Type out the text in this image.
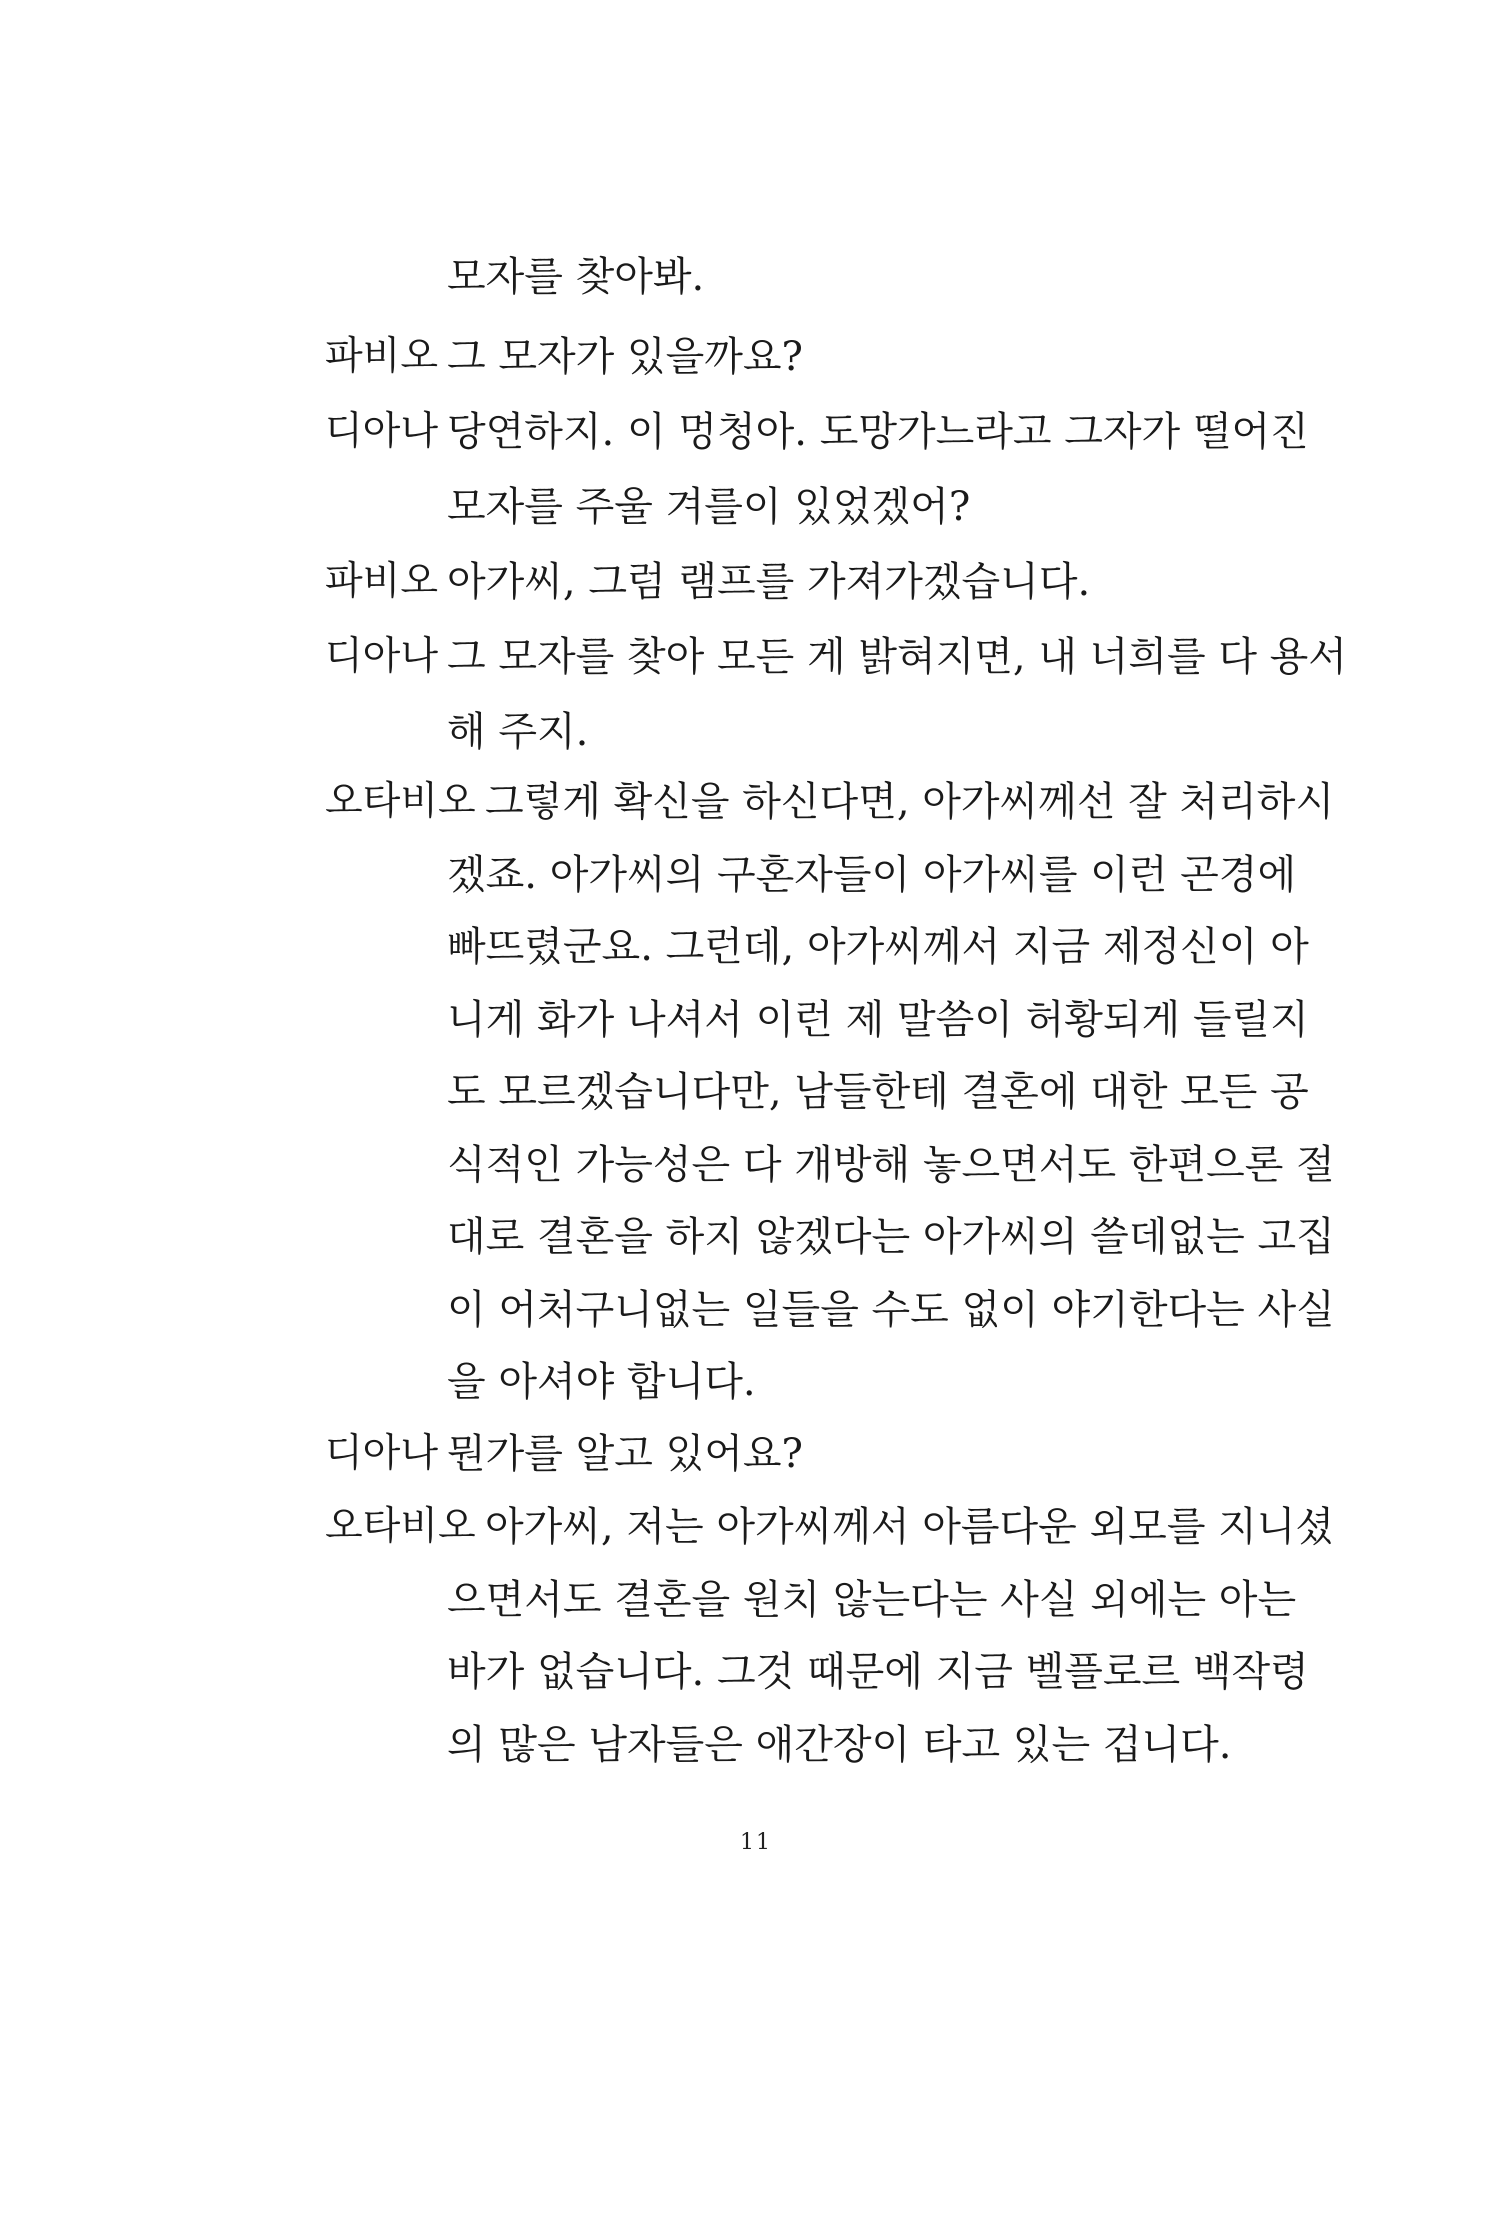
모자를 찾아봐.
파비오 그 모자가 있을까요?
디아나 당연하지. 이 멍청아. 도망가느라고 그자가 떨어진
모자를 주울 겨를이 있었겠어?
파비오 아가씨, 그럼 램프를 가져가겠습니다.
디아나 그 모자를 찾아 모든 게 밝혀지면, 내 너희를 다 용서
해 주지.
오타비오 그렇게 확신을 하신다면, 아가씨께선 잘 처리하시
겠죠. 아가씨의 구혼자들이 아가씨를 이런 곤경에
빠뜨렸군요. 그런데, 아가씨께서 지금 제정신이 아
니게 화가 나셔서 이런 제 말씀이 허황되게 들릴지
도 모르겠습니다만, 남들한테 결혼에 대한 모든 공
식적인 가능성은 다 개방해 놓으면서도 한편으론 절
대로 결혼을 하지 않겠다는 아가씨의 쓸데없는 고집
이 어처구니없는 일들을 수도 없이 야기한다는 사실
을 아셔야 합니다.
디아나 뭔가를 알고 있어요?
오타비오 아가씨, 저는 아가씨께서 아름다운 외모를 지니셨
으면서도 결혼을 원치 않는다는 사실 외에는 아는
바가 없습니다. 그것 때문에 지금 벨플로르 백작령
의 많은 남자들은 애간장이 타고 있는 겁니다.
11
